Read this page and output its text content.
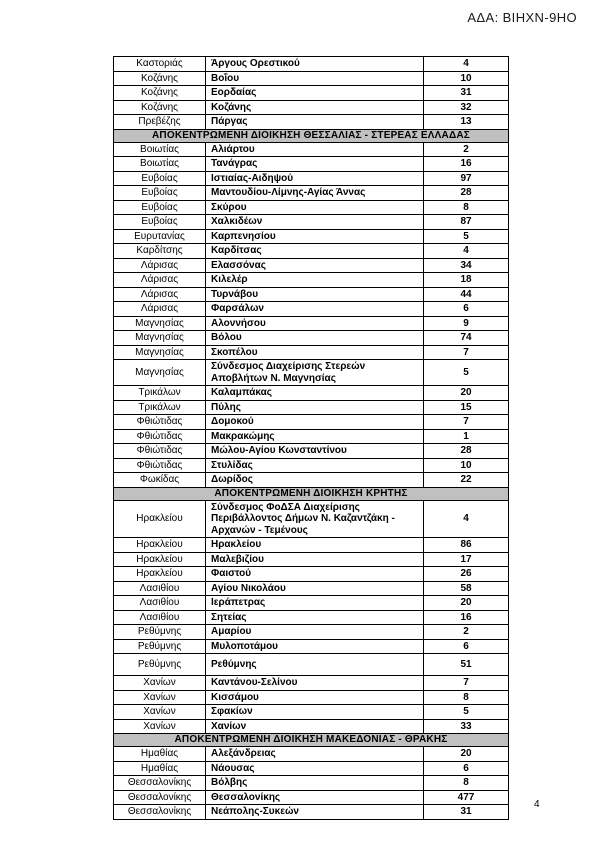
ΑΔΑ: ΒΙΗΧΝ-9ΗΟ
Καστοριάς	Άργους Ορεστικού	4
Κοζάνης	Βοΐου	10
Κοζάνης	Εορδαίας	31
Κοζάνης	Κοζάνης	32
Πρεβέζης	Πάργας	13
ΑΠΟΚΕΝΤΡΩΜΕΝΗ ΔΙΟΙΚΗΣΗ ΘΕΣΣΑΛΙΑΣ - ΣΤΕΡΕΑΣ ΕΛΛΑΔΑΣ		
Βοιωτίας	Αλιάρτου	2
Βοιωτίας	Τανάγρας	16
Ευβοίας	Ιστιαίας-Αιδηψού	97
Ευβοίας	Μαντουδίου-Λίμνης-Αγίας Άννας	28
Ευβοίας	Σκύρου	8
Ευβοίας	Χαλκιδέων	87
Ευρυτανίας	Καρπενησίου	5
Καρδίτσης	Καρδίτσας	4
Λάρισας	Ελασσόνας	34
Λάρισας	Κιλελέρ	18
Λάρισας	Τυρνάβου	44
Λάρισας	Φαρσάλων	6
Μαγνησίας	Αλοννήσου	9
Μαγνησίας	Βόλου	74
Μαγνησίας	Σκοπέλου	7
Μαγνησίας	Σύνδεσμος Διαχείρισης Στερεών Αποβλήτων Ν. Μαγνησίας	5
Τρικάλων	Καλαμπάκας	20
Τρικάλων	Πύλης	15
Φθιώτιδας	Δομοκού	7
Φθιώτιδας	Μακρακώμης	1
Φθιώτιδας	Μώλου-Αγίου Κωνσταντίνου	28
Φθιώτιδας	Στυλίδας	10
Φωκίδας	Δωρίδος	22
ΑΠΟΚΕΝΤΡΩΜΕΝΗ ΔΙΟΙΚΗΣΗ ΚΡΗΤΗΣ		
Ηρακλείου	Σύνδεσμος ΦοΔΣΑ Διαχείρισης Περιβάλλοντος Δήμων Ν. Καζαντζάκη - Αρχανών - Τεμένους	4
Ηρακλείου	Ηρακλείου	86
Ηρακλείου	Μαλεβιζίου	17
Ηρακλείου	Φαιστού	26
Λασιθίου	Αγίου Νικολάου	58
Λασιθίου	Ιεράπετρας	20
Λασιθίου	Σητείας	16
Ρεθύμνης	Αμαρίου	2
Ρεθύμνης	Μυλοποτάμου	6
Ρεθύμνης	Ρεθύμνης	51
Χανίων	Καντάνου-Σελίνου	7
Χανίων	Κισσάμου	8
Χανίων	Σφακίων	5
Χανίων	Χανίων	33
ΑΠΟΚΕΝΤΡΩΜΕΝΗ ΔΙΟΙΚΗΣΗ ΜΑΚΕΔΟΝΙΑΣ - ΘΡΑΚΗΣ		
Ημαθίας	Αλεξάνδρειας	20
Ημαθίας	Νάουσας	6
Θεσσαλονίκης	Βόλβης	8
Θεσσαλονίκης	Θεσσαλονίκης	477
Θεσσαλονίκης	Νεάπολης-Συκεών	31
4
